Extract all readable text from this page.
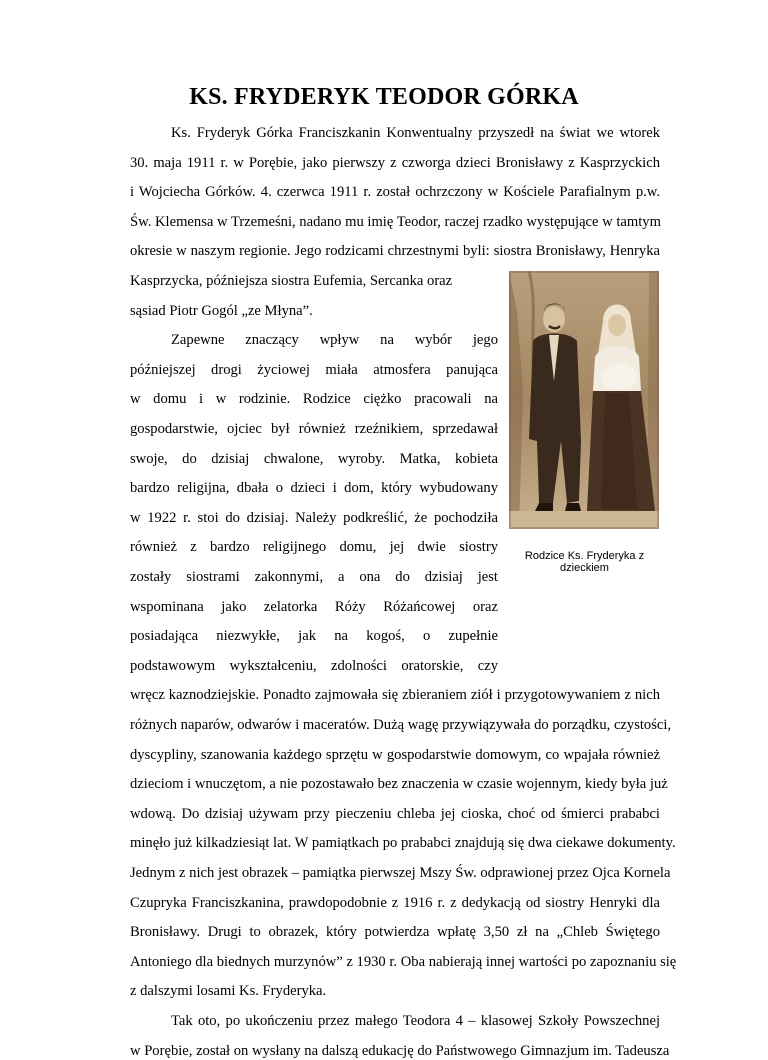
KS. FRYDERYK TEODOR GÓRKA
Ks. Fryderyk Górka Franciszkanin Konwentualny przyszedł na świat we wtorek
30. maja 1911 r. w Porębie, jako pierwszy z czworga dzieci Bronisławy z Kasprzyckich
i Wojciecha Górków. 4. czerwca 1911 r. został ochrzczony w Kościele Parafialnym p.w.
Św. Klemensa w Trzemeśni, nadano mu imię Teodor, raczej rzadko występujące w tamtym
okresie w naszym regionie. Jego rodzicami chrzestnymi byli: siostra Bronisławy, Henryka
Kasprzycka, późniejsza siostra Eufemia, Sercanka oraz
sąsiad Piotr Gogól „ze Młyna”.
Zapewne znaczący wpływ na wybór jego
późniejszej drogi życiowej miała atmosfera panująca
w domu i w rodzinie. Rodzice ciężko pracowali na
gospodarstwie, ojciec był również rzeźnikiem, sprzedawał
swoje, do dzisiaj chwalone, wyroby. Matka, kobieta
bardzo religijna, dbała o dzieci i dom, który wybudowany
w 1922 r. stoi do dzisiaj. Należy podkreślić, że pochodziła
również z bardzo religijnego domu, jej dwie siostry
zostały siostrami zakonnymi, a ona do dzisiaj jest
wspominana jako zelatorka Róży Różańcowej oraz
posiadająca niezwykłe, jak na kogoś, o zupełnie
podstawowym wykształceniu, zdolności oratorskie, czy
wręcz kaznodziejskie. Ponadto zajmowała się zbieraniem ziół i przygotowywaniem z nich
różnych naparów, odwarów i maceratów. Dużą wagę przywiązywała do porządku, czystości,
dyscypliny, szanowania każdego sprzętu w gospodarstwie domowym, co wpajała również
dzieciom i wnuczętom, a nie pozostawało bez znaczenia w czasie wojennym, kiedy była już
wdową. Do dzisiaj używam przy pieczeniu chleba jej cioska, choć od śmierci prababci
minęło już kilkadziesiąt lat. W pamiątkach po prababci znajdują się dwa ciekawe dokumenty.
Jednym z nich jest obrazek – pamiątka pierwszej Mszy Św. odprawionej przez Ojca Kornela
Czupryka Franciszkanina, prawdopodobnie z 1916 r. z dedykacją od siostry Henryki dla
Bronisławy. Drugi to obrazek, który potwierdza wpłatę 3,50 zł na „Chleb Świętego
Antoniego dla biednych murzynów” z 1930 r. Oba nabierają innej wartości po zapoznaniu się
z dalszymi losami Ks. Fryderyka.
Tak oto, po ukończeniu przez małego Teodora 4 – klasowej Szkoły Powszechnej
w Porębie, został on wysłany na dalszą edukację do Państwowego Gimnazjum im. Tadeusza
Rodzice Ks. Fryderyka z dzieckiem
